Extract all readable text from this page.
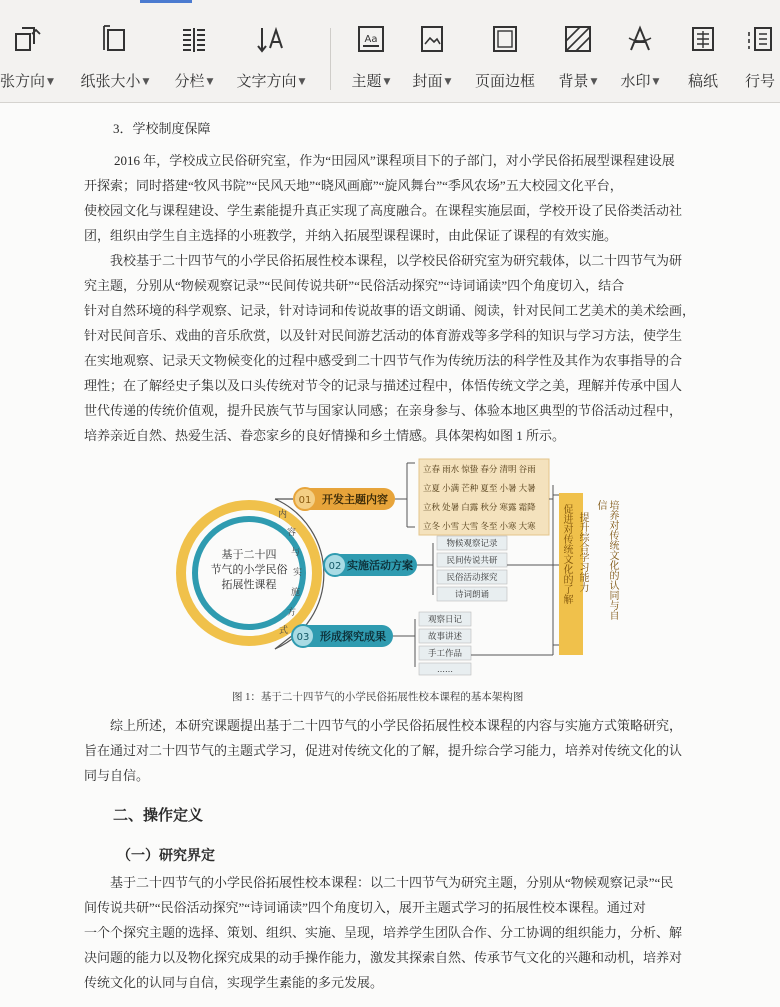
张方向 ▼	纸张大小 ▼	分栏 ▼	文字方向 ▼
Aa
主题 ▼	封面 ▼	页面边框	背景 ▼	水印 ▼	稿纸	行号

3．学校制度保障

2016 年，学校成立民俗研究室，作为“田园风”课程项目下的子部门，对小学民俗拓展型课程建设展

开探索；同时搭建“牧风书院”“民风天地”“晓风画廊”“旋风舞台”“季风农场”五大校园文化平台，

使校园文化与课程建设、学生素能提升真正实现了高度融合。在课程实施层面，学校开设了民俗类活动社

团，组织由学生自主选择的小班教学，并纳入拓展型课程课时，由此保证了课程的有效实施。

我校基于二十四节气的小学民俗拓展性校本课程，以学校民俗研究室为研究载体，以二十四节气为研

究主题，分别从“物候观察记录”“民间传说共研”“民俗活动探究”“诗词诵读”四个角度切入，结合

针对自然环境的科学观察、记录，针对诗词和传说故事的语文朗诵、阅读，针对民间工艺美术的美术绘画，

针对民间音乐、戏曲的音乐欣赏，以及针对民间游艺活动的体育游戏等多学科的知识与学习方法，使学生

在实地观察、记录天文物候变化的过程中感受到二十四节气作为传统历法的科学性及其作为农事指导的合

理性；在了解经史子集以及口头传统对节令的记录与描述过程中，体悟传统文学之美，理解并传承中国人

世代传递的传统价值观，提升民族气节与国家认同感；在亲身参与、体验本地区典型的节俗活动过程中，

培养亲近自然、热爱生活、眷恋家乡的良好情操和乡土情感。具体架构如图 1 所示。

基于二十四
节气的小学民俗
拓展性课程
内
容
与
实
施
方
式
01 开发主题内容
02 实施活动方案
03 形成探究成果
立春 雨水 惊蛰 春分 清明 谷雨
立夏 小满 芒种 夏至 小暑 大暑
立秋 处暑 白露 秋分 寒露 霜降
立冬 小雪 大雪 冬至 小寒 大寒
物候观察记录
民间传说共研
民俗活动探究
诗词朗诵
观察日记
故事讲述
手工作品
……
培养对传统文化的认同与自信
提升综合学习能力
促进对传统文化的了解
图 1：基于二十四节气的小学民俗拓展性校本课程的基本架构图

综上所述，本研究课题提出基于二十四节气的小学民俗拓展性校本课程的内容与实施方式策略研究，

旨在通过对二十四节气的主题式学习，促进对传统文化的了解，提升综合学习能力，培养对传统文化的认

同与自信。

二、操作定义
（一）研究界定

基于二十四节气的小学民俗拓展性校本课程：以二十四节气为研究主题，分别从“物候观察记录”“民

间传说共研”“民俗活动探究”“诗词诵读”四个角度切入，展开主题式学习的拓展性校本课程。通过对

一个个探究主题的选择、策划、组织、实施、呈现，培养学生团队合作、分工协调的组织能力，分析、解

决问题的能力以及物化探究成果的动手操作能力，激发其探索自然、传承节气文化的兴趣和动机，培养对

传统文化的认同与自信，实现学生素能的多元发展。
